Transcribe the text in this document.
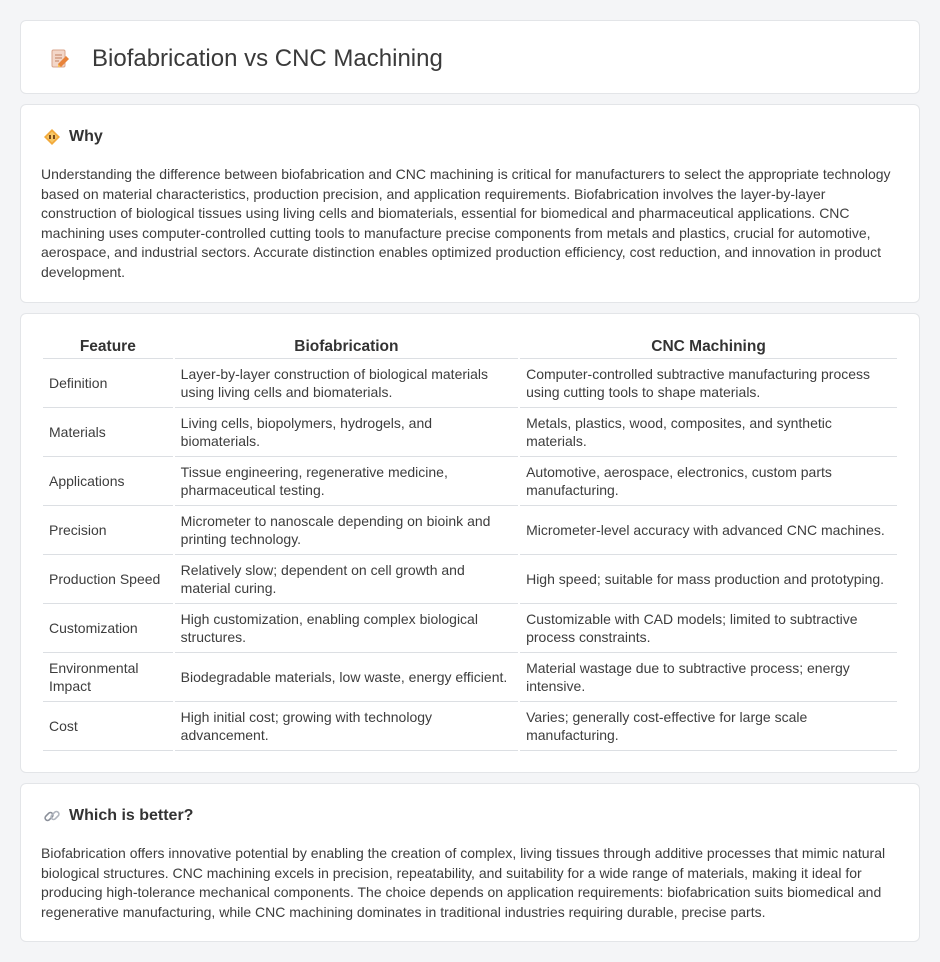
Biofabrication vs CNC Machining
Why

Understanding the difference between biofabrication and CNC machining is critical for manufacturers to select the appropriate technology based on material characteristics, production precision, and application requirements. Biofabrication involves the layer-by-layer construction of biological tissues using living cells and biomaterials, essential for biomedical and pharmaceutical applications. CNC machining uses computer-controlled cutting tools to manufacture precise components from metals and plastics, crucial for automotive, aerospace, and industrial sectors. Accurate distinction enables optimized production efficiency, cost reduction, and innovation in product development.

Feature	Biofabrication	CNC Machining
Definition	Layer-by-layer construction of biological materials using living cells and biomaterials.	Computer-controlled subtractive manufacturing process using cutting tools to shape materials.
Materials	Living cells, biopolymers, hydrogels, and biomaterials.	Metals, plastics, wood, composites, and synthetic materials.
Applications	Tissue engineering, regenerative medicine, pharmaceutical testing.	Automotive, aerospace, electronics, custom parts manufacturing.
Precision	Micrometer to nanoscale depending on bioink and printing technology.	Micrometer-level accuracy with advanced CNC machines.
Production Speed	Relatively slow; dependent on cell growth and material curing.	High speed; suitable for mass production and prototyping.
Customization	High customization, enabling complex biological structures.	Customizable with CAD models; limited to subtractive process constraints.
Environmental Impact	Biodegradable materials, low waste, energy efficient.	Material wastage due to subtractive process; energy intensive.
Cost	High initial cost; growing with technology advancement.	Varies; generally cost-effective for large scale manufacturing.
Which is better?

Biofabrication offers innovative potential by enabling the creation of complex, living tissues through additive processes that mimic natural biological structures. CNC machining excels in precision, repeatability, and suitability for a wide range of materials, making it ideal for producing high-tolerance mechanical components. The choice depends on application requirements: biofabrication suits biomedical and regenerative manufacturing, while CNC machining dominates in traditional industries requiring durable, precise parts.
